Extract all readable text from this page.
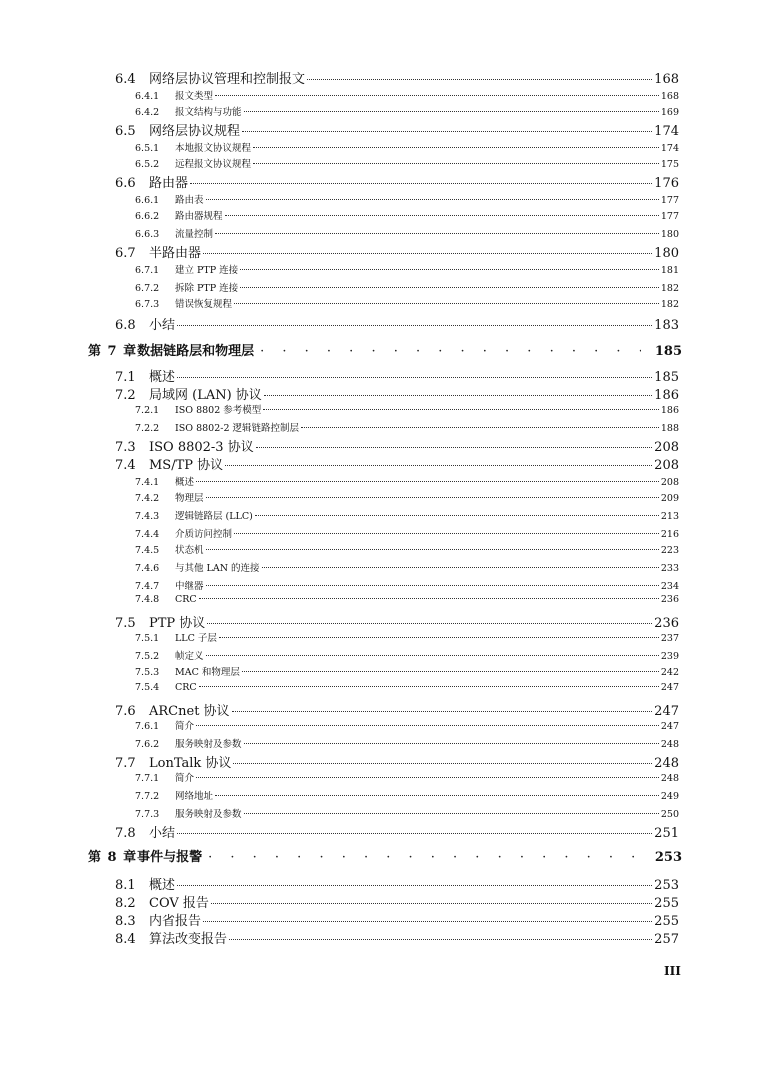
6.4	网络层协议管理和控制报文	168
6.4.1	报文类型	168
6.4.2	报文结构与功能	169
6.5	网络层协议规程	174
6.5.1	本地报文协议规程	174
6.5.2	远程报文协议规程	175
6.6	路由器	176
6.6.1	路由表	177
6.6.2	路由器规程	177
6.6.3	流量控制	180
6.7	半路由器	180
6.7.1	建立 PTP 连接	181
6.7.2	拆除 PTP 连接	182
6.7.3	错误恢复规程	182
6.8	小结	183
第 7 章 数据链路层和物理层 · · ·	185
7.1	概述	185
7.2	局域网 (LAN) 协议	186
7.2.1	ISO 8802 参考模型	186
7.2.2	ISO 8802-2 逻辑链路控制层	188
7.3	ISO 8802-3 协议	208
7.4	MS/TP 协议	208
7.4.1	概述	208
7.4.2	物理层	209
7.4.3	逻辑链路层 (LLC)	213
7.4.4	介质访问控制	216
7.4.5	状态机	223
7.4.6	与其他 LAN 的连接	233
7.4.7	中继器	234
7.4.8	CRC	236
7.5	PTP 协议	236
7.5.1	LLC 子层	237
7.5.2	帧定义	239
7.5.3	MAC 和物理层	242
7.5.4	CRC	247
7.6	ARCnet 协议	247
7.6.1	简介	247
7.6.2	服务映射及参数	248
7.7	LonTalk 协议	248
7.7.1	简介	248
7.7.2	网络地址	249
7.7.3	服务映射及参数	250
7.8	小结	251
第 8 章 事件与报警 · · ·	253
8.1	概述	253
8.2	COV 报告	255
8.3	内省报告	255
8.4	算法改变报告	257
III
